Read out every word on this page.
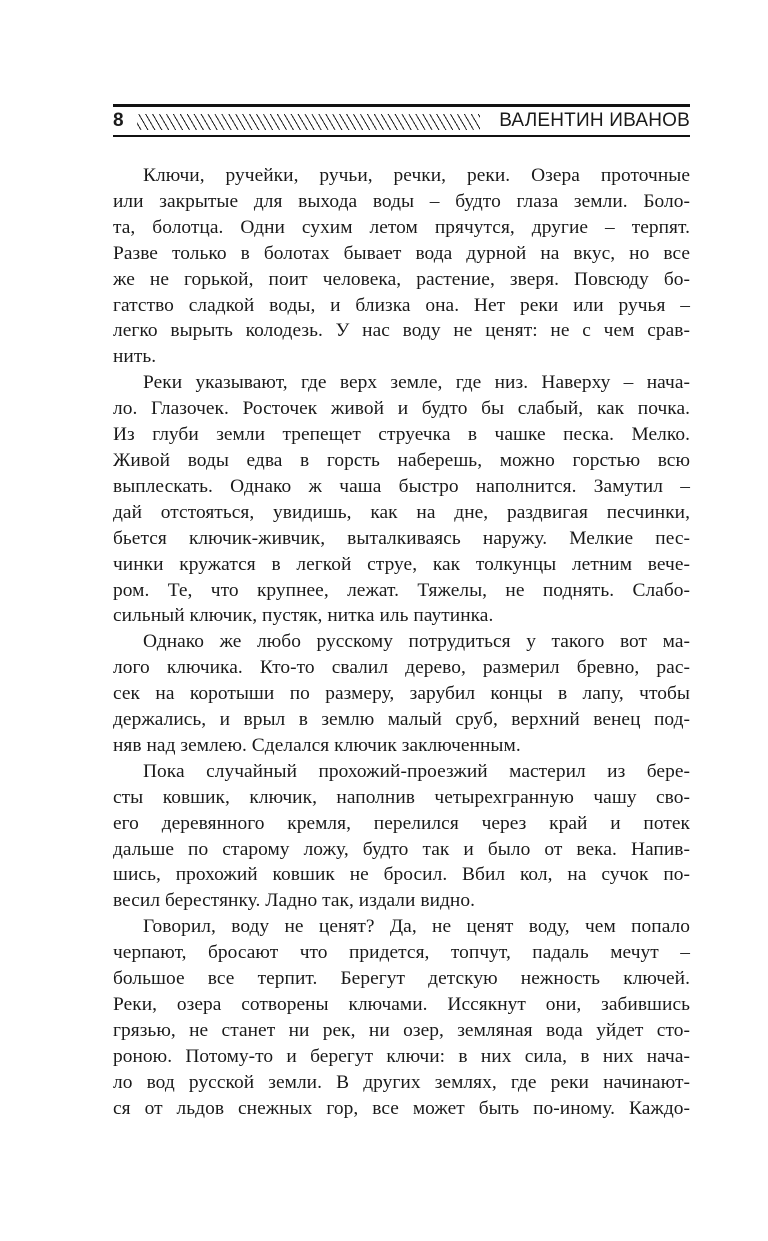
8	ВАЛЕНТИН ИВАНОВ
Ключи, ручейки, ручьи, речки, реки. Озера проточные
или закрытые для выхода воды – будто глаза земли. Боло-
та, болотца. Одни сухим летом прячутся, другие – терпят.
Разве только в болотах бывает вода дурной на вкус, но все
же не горькой, поит человека, растение, зверя. Повсюду бо-
гатство сладкой воды, и близка она. Нет реки или ручья –
легко вырыть колодезь. У нас воду не ценят: не с чем срав-
нить.
Реки указывают, где верх земле, где низ. Наверху – нача-
ло. Глазочек. Росточек живой и будто бы слабый, как почка.
Из глуби земли трепещет струечка в чашке песка. Мелко.
Живой воды едва в горсть наберешь, можно горстью всю
выплескать. Однако ж чаша быстро наполнится. Замутил –
дай отстояться, увидишь, как на дне, раздвигая песчинки,
бьется ключик-живчик, выталкиваясь наружу. Мелкие пес-
чинки кружатся в легкой струе, как толкунцы летним вече-
ром. Те, что крупнее, лежат. Тяжелы, не поднять. Слабо-
сильный ключик, пустяк, нитка иль паутинка.
Однако же любо русскому потрудиться у такого вот ма-
лого ключика. Кто-то свалил дерево, размерил бревно, рас-
сек на коротыши по размеру, зарубил концы в лапу, чтобы
держались, и врыл в землю малый сруб, верхний венец под-
няв над землею. Сделался ключик заключенным.
Пока случайный прохожий-проезжий мастерил из бере-
сты ковшик, ключик, наполнив четырехгранную чашу сво-
его деревянного кремля, перелился через край и потек
дальше по старому ложу, будто так и было от века. Напив-
шись, прохожий ковшик не бросил. Вбил кол, на сучок по-
весил берестянку. Ладно так, издали видно.
Говорил, воду не ценят? Да, не ценят воду, чем попало
черпают, бросают что придется, топчут, падаль мечут –
большое все терпит. Берегут детскую нежность ключей.
Реки, озера сотворены ключами. Иссякнут они, забившись
грязью, не станет ни рек, ни озер, земляная вода уйдет сто-
роною. Потому-то и берегут ключи: в них сила, в них нача-
ло вод русской земли. В других землях, где реки начинают-
ся от льдов снежных гор, все может быть по-иному. Каждо-
